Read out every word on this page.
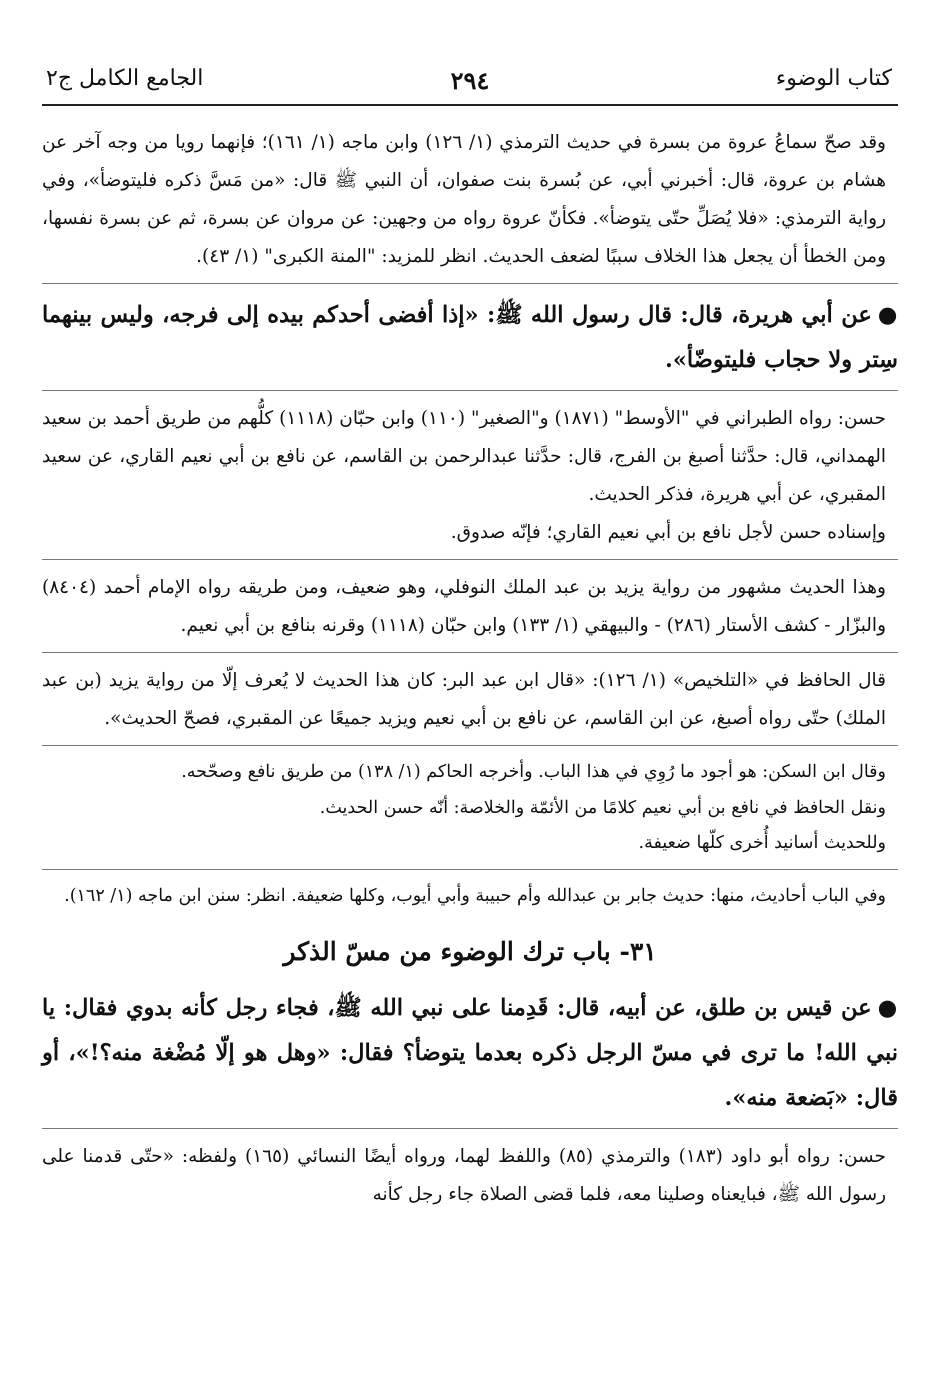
كتاب الوضوء
٢٩٤
الجامع الكامل ج٢

وقد صحّ سماعُ عروة من بسرة في حديث الترمذي (١/ ١٢٦) وابن ماجه (١/ ١٦١)؛ فإنهما رويا من وجه آخر عن هشام بن عروة، قال: أخبرني أبي، عن بُسرة بنت صفوان، أن النبي ﷺ قال: «من مَسَّ ذكره فليتوضأ»، وفي رواية الترمذي: «فلا يُصَلِّ حتّى يتوضأ». فكأنّ عروة رواه من وجهين: عن مروان عن بسرة، ثم عن بسرة نفسها، ومن الخطأ أن يجعل هذا الخلاف سببًا لضعف الحديث. انظر للمزيد: "المنة الكبرى" (١/ ٤٣).

●عن أبي هريرة، قال: قال رسول الله ﷺ: «إذا أفضى أحدكم بيده إلى فرجه، وليس بينهما سِتر ولا حجاب فليتوضّأ».

حسن: رواه الطبراني في "الأوسط" (١٨٧١) و"الصغير" (١١٠) وابن حبّان (١١١٨) كلُّهم من طريق أحمد بن سعيد الهمداني، قال: حدَّثنا أصبغ بن الفرج، قال: حدَّثنا عبدالرحمن بن القاسم، عن نافع بن أبي نعيم القاري، عن سعيد المقبري، عن أبي هريرة، فذكر الحديث.

وإسناده حسن لأجل نافع بن أبي نعيم القاري؛ فإنّه صدوق.

وهذا الحديث مشهور من رواية يزيد بن عبد الملك النوفلي، وهو ضعيف، ومن طريقه رواه الإمام أحمد (٨٤٠٤) والبزّار - كشف الأستار (٢٨٦) - والبيهقي (١/ ١٣٣) وابن حبّان (١١١٨) وقرنه بنافع بن أبي نعيم.

قال الحافظ في «التلخيص» (١/ ١٢٦): «قال ابن عبد البر: كان هذا الحديث لا يُعرف إلّا من رواية يزيد (بن عبد الملك) حتّى رواه أصبغ، عن ابن القاسم، عن نافع بن أبي نعيم ويزيد جميعًا عن المقبري، فصحّ الحديث».

وقال ابن السكن: هو أجود ما رُوِي في هذا الباب. وأخرجه الحاكم (١/ ١٣٨) من طريق نافع وصحّحه.

ونقل الحافظ في نافع بن أبي نعيم كلامًا من الأئمّة والخلاصة: أنّه حسن الحديث.

وللحديث أسانيد أُخرى كلّها ضعيفة.

وفي الباب أحاديث، منها: حديث جابر بن عبدالله وأم حبيبة وأبي أيوب، وكلها ضعيفة. انظر: سنن ابن ماجه (١/ ١٦٢).

٣١- باب ترك الوضوء من مسّ الذكر

●عن قيس بن طلق، عن أبيه، قال: قَدِمنا على نبي الله ﷺ، فجاء رجل كأنه بدوي فقال: يا نبي الله! ما ترى في مسّ الرجل ذكره بعدما يتوضأ؟ فقال: «وهل هو إلّا مُضْغة منه؟!»، أو قال: «بَضعة منه».

حسن: رواه أبو داود (١٨٣) والترمذي (٨٥) واللفظ لهما، ورواه أيضًا النسائي (١٦٥) ولفظه: «حتّى قدمنا على رسول الله ﷺ، فبايعناه وصلينا معه، فلما قضى الصلاة جاء رجل كأنه
